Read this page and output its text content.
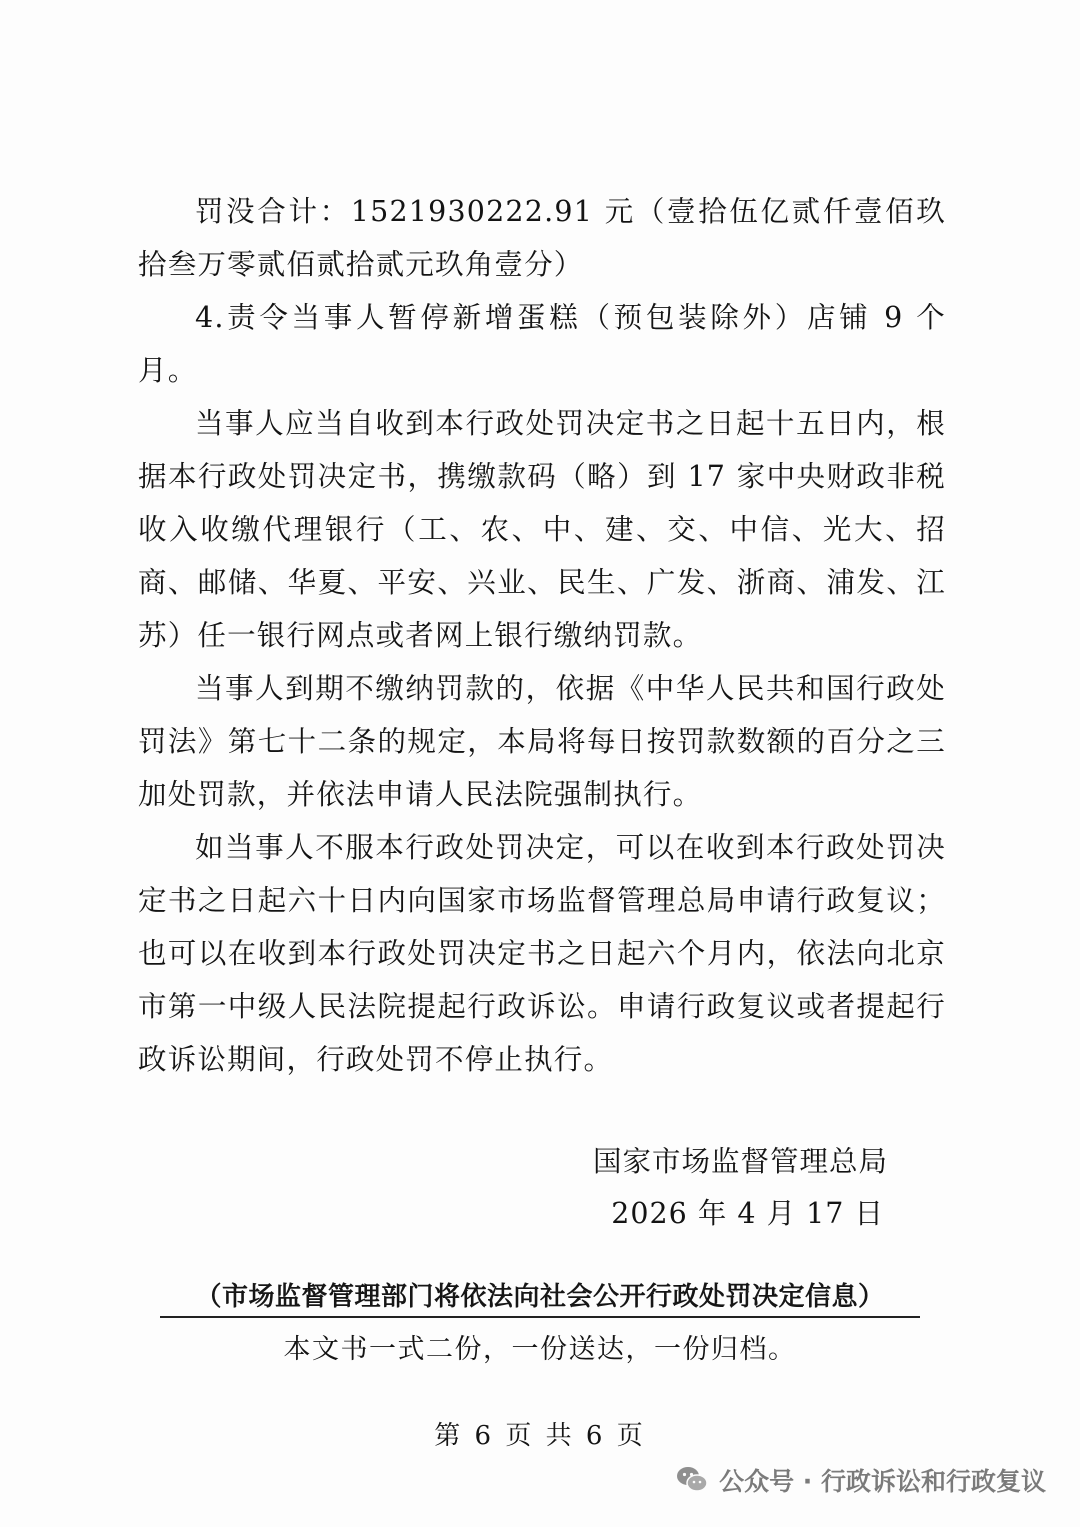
罚没合计：1521930222.91 元（壹拾伍亿贰仟壹佰玖拾叁万零贰佰贰拾贰元玖角壹分）

4.责令当事人暂停新增蛋糕（预包装除外）店铺 9 个月。

当事人应当自收到本行政处罚决定书之日起十五日内，根据本行政处罚决定书，携缴款码（略）到 17 家中央财政非税收入收缴代理银行（工、农、中、建、交、中信、光大、招商、邮储、华夏、平安、兴业、民生、广发、浙商、浦发、江苏）任一银行网点或者网上银行缴纳罚款。

当事人到期不缴纳罚款的，依据《中华人民共和国行政处罚法》第七十二条的规定，本局将每日按罚款数额的百分之三加处罚款，并依法申请人民法院强制执行。

如当事人不服本行政处罚决定，可以在收到本行政处罚决定书之日起六十日内向国家市场监督管理总局申请行政复议；也可以在收到本行政处罚决定书之日起六个月内，依法向北京市第一中级人民法院提起行政诉讼。申请行政复议或者提起行政诉讼期间，行政处罚不停止执行。

国家市场监督管理总局
2026 年 4 月 17 日
（市场监督管理部门将依法向社会公开行政处罚决定信息）
本文书一式二份，一份送达，一份归档。
第 6 页 共 6 页
公众号 · 行政诉讼和行政复议
